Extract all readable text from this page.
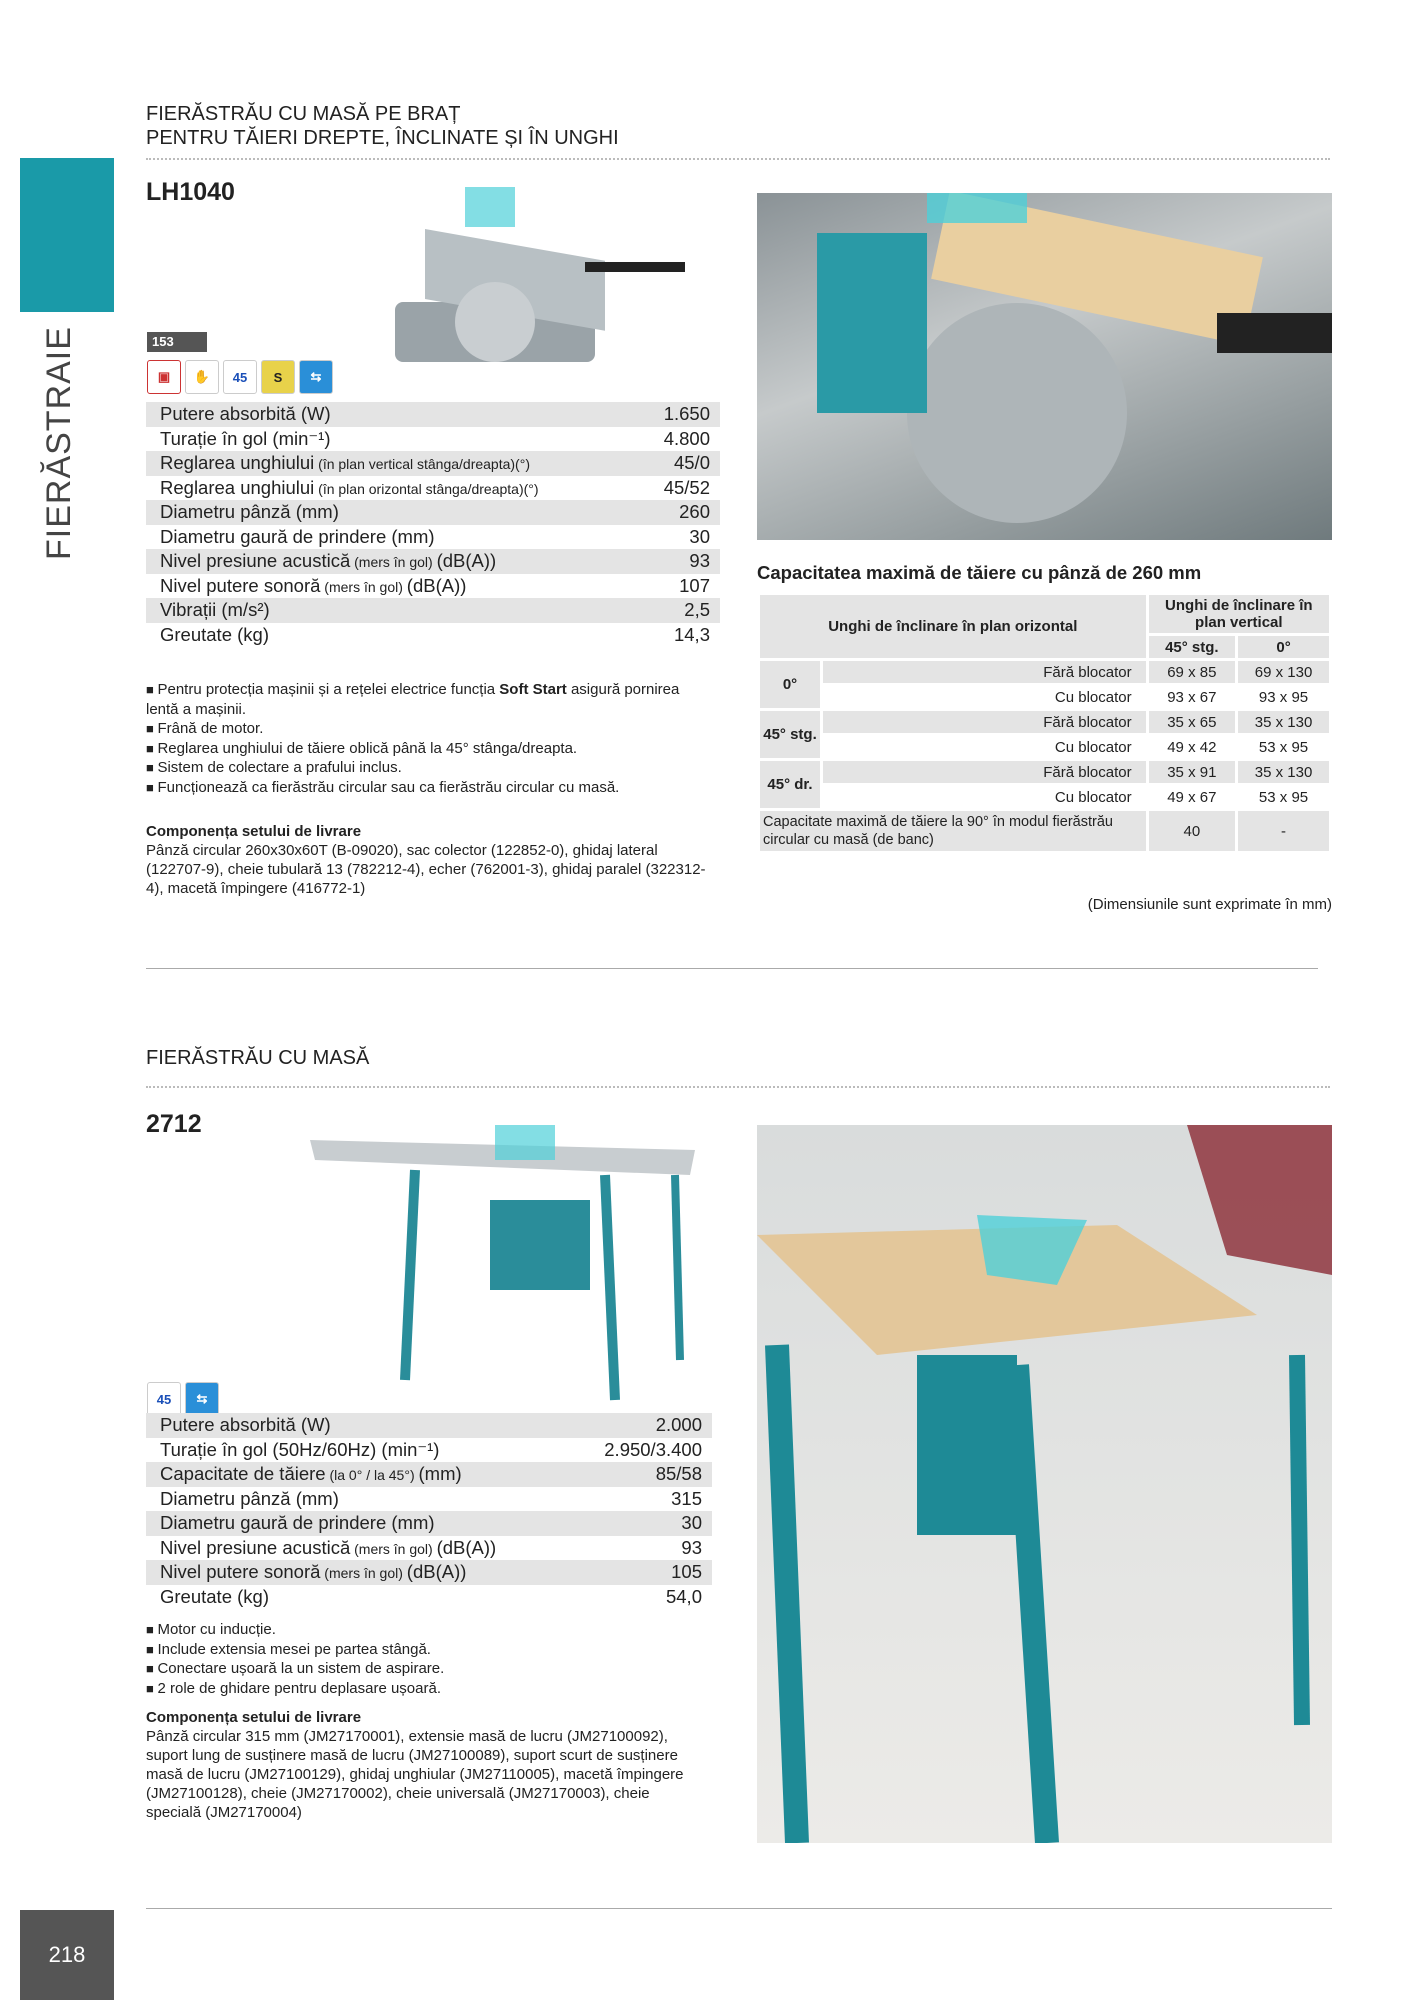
FIERĂSTRAIE
FIERĂSTRĂU CU MASĂ PE BRAȚ
PENTRU TĂIERI DREPTE, ÎNCLINATE ȘI ÎN UNGHI
LH1040
153
▣	✋	45	S	⇆
Putere absorbită (W)	1.650
Turație în gol (min⁻¹)	4.800
Reglarea unghiului (în plan vertical stânga/dreapta)(°)	45/0
Reglarea unghiului (în plan orizontal stânga/dreapta)(°)	45/52
Diametru pânză (mm)	260
Diametru gaură de prindere (mm)	30
Nivel presiune acustică (mers în gol) (dB(A))	93
Nivel putere sonoră (mers în gol) (dB(A))	107
Vibrații (m/s²)	2,5
Greutate (kg)	14,3
■ Pentru protecția mașinii și a rețelei electrice funcția Soft Start asigură pornirea lentă a mașinii.
■ Frână de motor.
■ Reglarea unghiului de tăiere oblică până la 45° stânga/dreapta.
■ Sistem de colectare a prafului inclus.
■ Funcționează ca fierăstrău circular sau ca fierăstrău circular cu masă.
Componența setului de livrare
Pânză circular 260x30x60T (B-09020), sac colector (122852-0), ghidaj lateral (122707-9), cheie tubulară 13 (782212-4), echer (762001-3), ghidaj paralel (322312-4), macetă împingere (416772-1)
Capacitatea maximă de tăiere cu pânză de 260 mm
Unghi de înclinare în plan orizontal		Unghi de înclinare în plan vertical	
		45° stg.	0°
0°	Fără blocator	69 x 85	69 x 130
	Cu blocator	93 x 67	93 x 95
45° stg.	Fără blocator	35 x 65	35 x 130
	Cu blocator	49 x 42	53 x 95
45° dr.	Fără blocator	35 x 91	35 x 130
	Cu blocator	49 x 67	53 x 95
Capacitate maximă de tăiere la 90° în modul fierăstrău circular cu masă (de banc)		40	-
(Dimensiunile sunt exprimate în mm)
FIERĂSTRĂU CU MASĂ
2712
45	⇆
Putere absorbită (W)	2.000
Turație în gol (50Hz/60Hz) (min⁻¹)	2.950/3.400
Capacitate de tăiere (la 0° / la 45°) (mm)	85/58
Diametru pânză (mm)	315
Diametru gaură de prindere (mm)	30
Nivel presiune acustică (mers în gol) (dB(A))	93
Nivel putere sonoră (mers în gol) (dB(A))	105
Greutate (kg)	54,0
■ Motor cu inducție.
■ Include extensia mesei pe partea stângă.
■ Conectare ușoară la un sistem de aspirare.
■ 2 role de ghidare pentru deplasare ușoară.
Componența setului de livrare
Pânză circular 315 mm (JM27170001), extensie masă de lucru (JM27100092), suport lung de susținere masă de lucru (JM27100089), suport scurt de susținere masă de lucru (JM27100129), ghidaj unghiular (JM27110005), macetă împingere (JM27100128), cheie (JM27170002), cheie universală (JM27170003), cheie specială (JM27170004)
218
